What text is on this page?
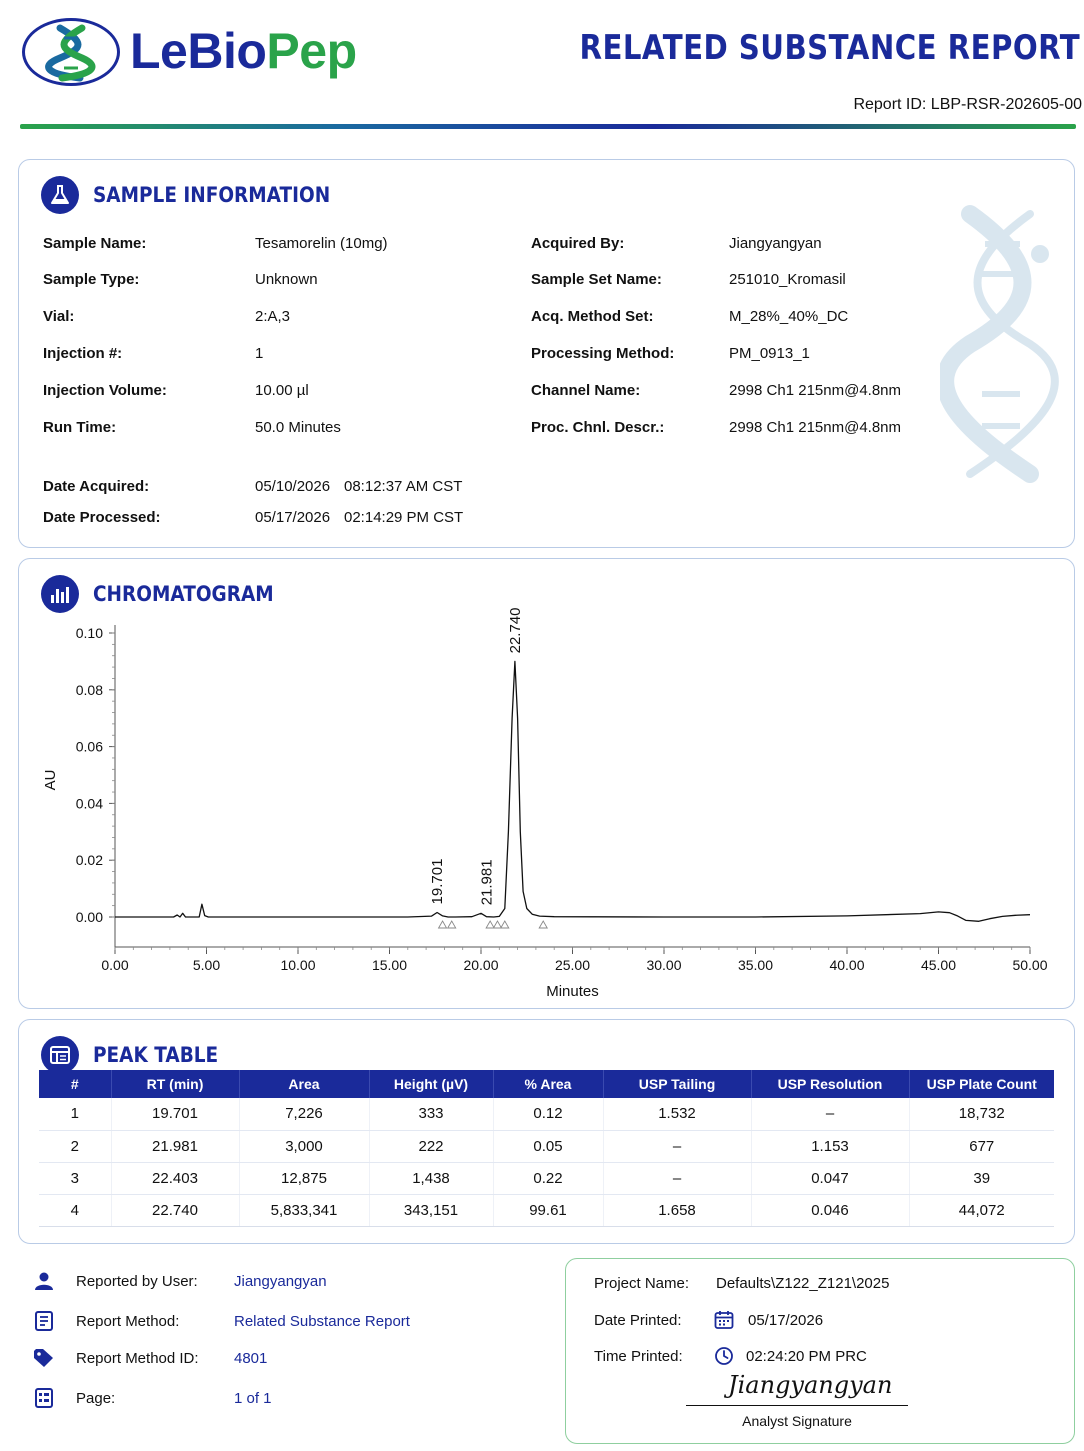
LeBioPep	RELATED SUBSTANCE REPORT
Report ID: LBP-RSR-202605-00
SAMPLE INFORMATION
Sample Name:	Tesamorelin (10mg)
Sample Type:	Unknown
Vial:	2:A,3
Injection #:	1
Injection Volume:	10.00 µl
Run Time:	50.0 Minutes
Acquired By:	Jiangyangyan
Sample Set Name:	251010_Kromasil
Acq. Method Set:	M_28%_40%_DC
Processing Method:	PM_0913_1
Channel Name:	2998 Ch1 215nm@4.8nm
Proc. Chnl. Descr.:	2998 Ch1 215nm@4.8nm
Date Acquired:	05/10/2026 08:12:37 AM CST
Date Processed:	05/17/2026 02:14:29 PM CST
CHROMATOGRAM
0.00
0.02
0.04
0.06
0.08
0.10
0.00	5.00	10.00	15.00	20.00	25.00	30.00	35.00	40.00	45.00	50.00
Minutes
AU
19.701 21.981
22.740
PEAK TABLE
#	RT (min)	Area	Height (µV)	% Area	USP Tailing	USP Resolution	USP Plate Count
1	19.701	7,226	333	0.12	1.532	–	18,732
2	21.981	3,000	222	0.05	–	1.153	677
3	22.403	12,875	1,438	0.22	–	0.047	39
4	22.740	5,833,341	343,151	99.61	1.658	0.046	44,072
Reported by User: Jiangyangyan
Report Method:	Related Substance Report
Report Method ID: 4801
Page:	1 of 1
Project Name: Defaults\Z122_Z121\2025
Date Printed:	05/17/2026
Time Printed:	02:24:20 PM PRC
Jiangyangyan
Analyst Signature
